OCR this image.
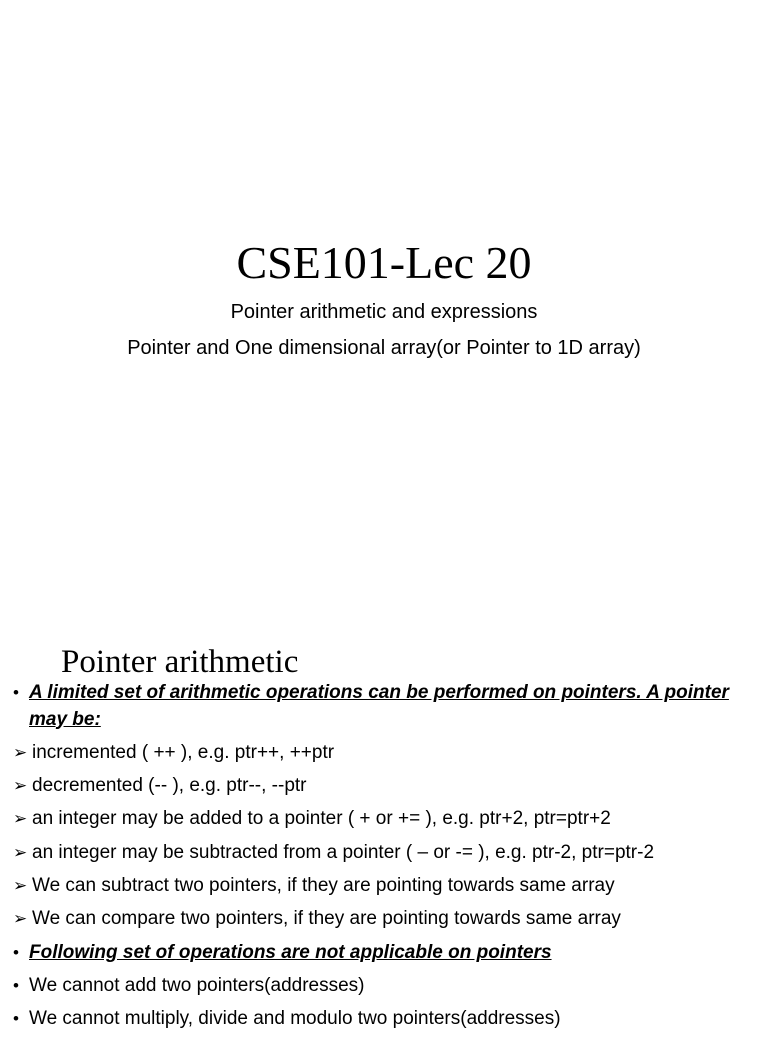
CSE101-Lec 20

Pointer arithmetic and expressions

Pointer and One dimensional array(or Pointer to 1D array)

Pointer arithmetic
• A limited set of arithmetic operations can be performed on pointers. A pointer may be:
➢ incremented ( ++ ), e.g. ptr++, ++ptr
➢ decremented (-- ), e.g. ptr--, --ptr
➢ an integer may be added to a pointer ( + or += ), e.g. ptr+2, ptr=ptr+2
➢ an integer may be subtracted from a pointer ( – or -= ), e.g. ptr-2, ptr=ptr-2
➢ We can subtract two pointers, if they are pointing towards same array
➢ We can compare two pointers, if they are pointing towards same array
• Following set of operations are not applicable on pointers
• We cannot add two pointers(addresses)
• We cannot multiply, divide and modulo two pointers(addresses)
